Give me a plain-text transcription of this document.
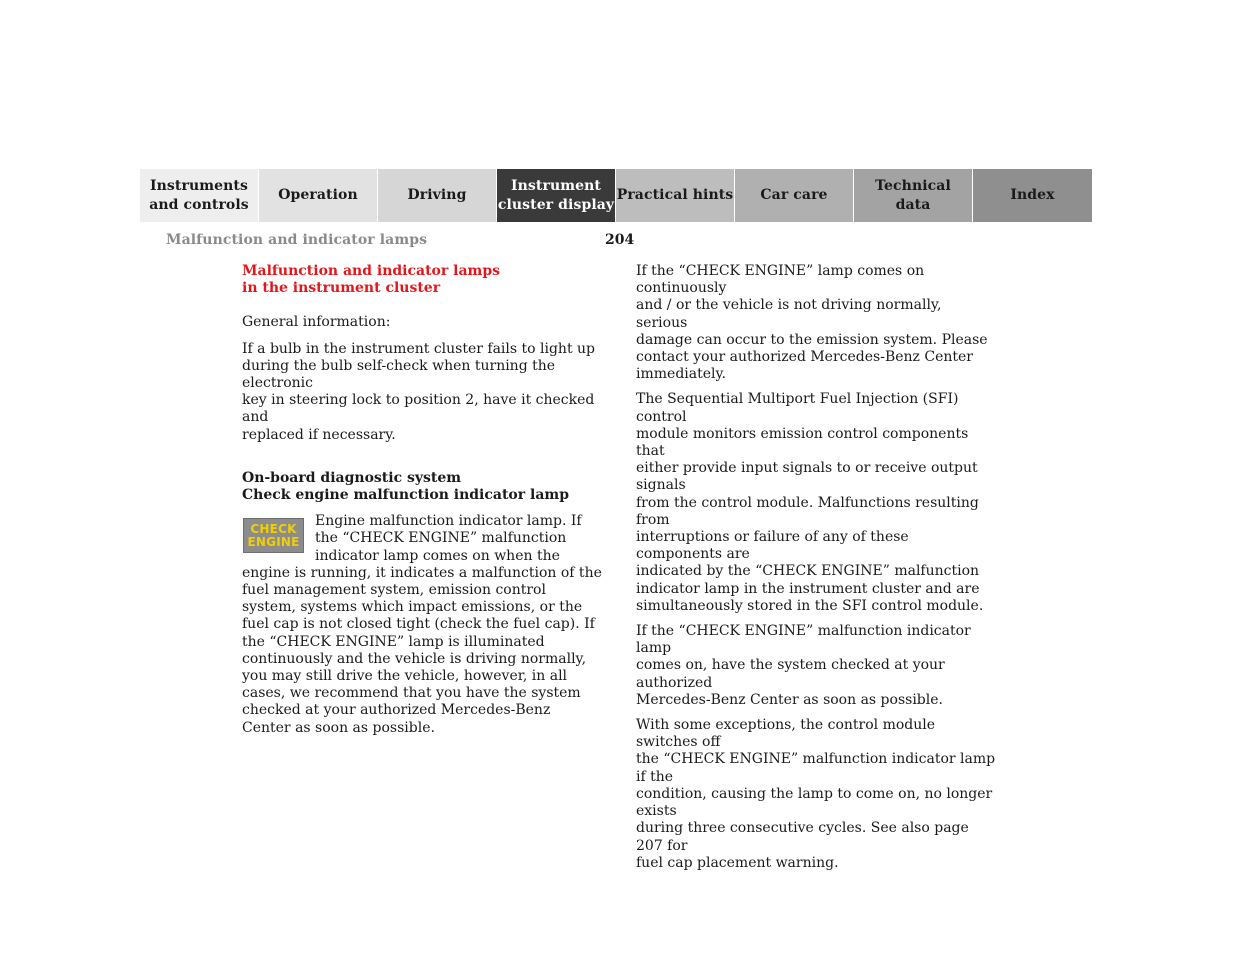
Instruments
and controls
Operation	Driving
Instrument
cluster display
Practical hints	Car care
Technical
data
Index
Malfunction and indicator lamps	204

Malfunction and indicator lamps
in the instrument cluster

General information:

If a bulb in the instrument cluster fails to light up
during the bulb self-check when turning the electronic
key in steering lock to position 2, have it checked and
replaced if necessary.

On-board diagnostic system
Check engine malfunction indicator lamp

CHECK
ENGINE

Engine malfunction indicator lamp. If the “CHECK ENGINE” malfunction indicator lamp comes on when the engine is running, it indicates a malfunction of the fuel management system, emission control system, systems which impact emissions, or the fuel cap is not closed tight (check the fuel cap). If the “CHECK ENGINE” lamp is illuminated continuously and the vehicle is driving normally, you may still drive the vehicle, however, in all cases, we recommend that you have the system checked at your authorized Mercedes-Benz Center as soon as possible.

If the “CHECK ENGINE” lamp comes on continuously
and / or the vehicle is not driving normally, serious
damage can occur to the emission system. Please
contact your authorized Mercedes-Benz Center
immediately.

The Sequential Multiport Fuel Injection (SFI) control
module monitors emission control components that
either provide input signals to or receive output signals
from the control module. Malfunctions resulting from
interruptions or failure of any of these components are
indicated by the “CHECK ENGINE” malfunction
indicator lamp in the instrument cluster and are
simultaneously stored in the SFI control module.

If the “CHECK ENGINE” malfunction indicator lamp
comes on, have the system checked at your authorized
Mercedes-Benz Center as soon as possible.

With some exceptions, the control module switches off
the “CHECK ENGINE” malfunction indicator lamp if the
condition, causing the lamp to come on, no longer exists
during three consecutive cycles. See also page 207 for
fuel cap placement warning.
